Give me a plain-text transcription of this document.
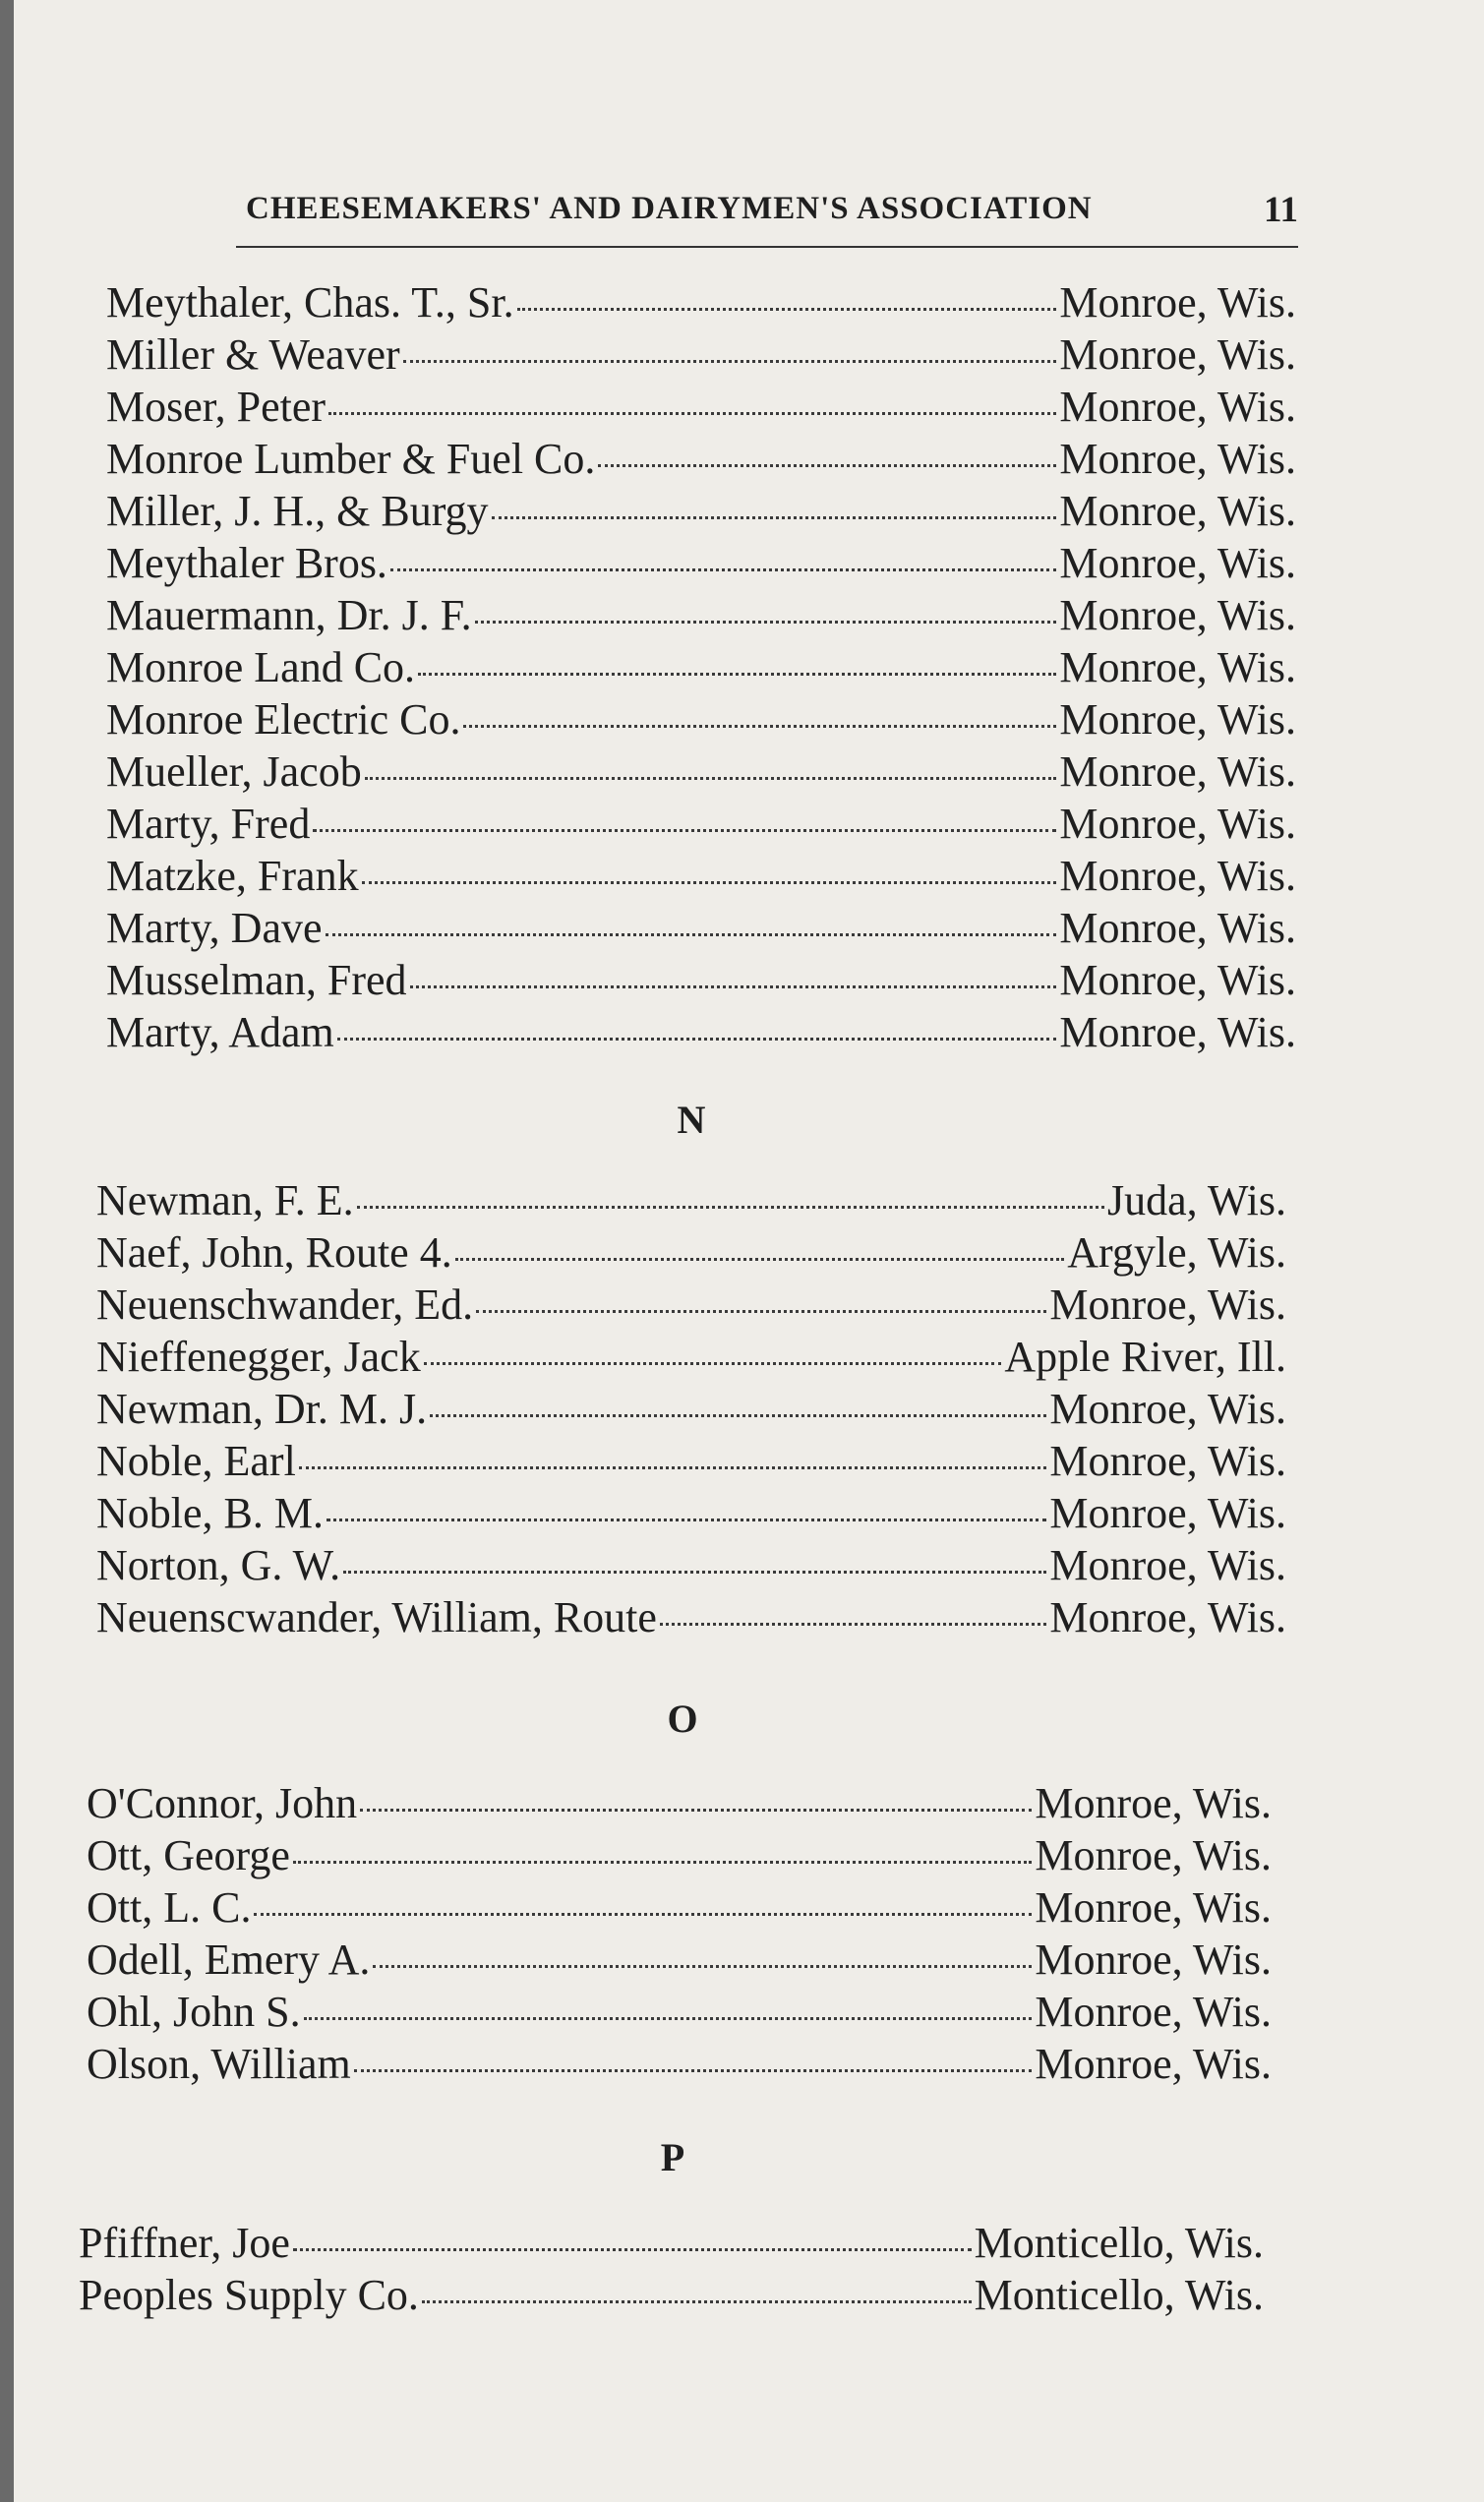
CHEESEMAKERS' AND DAIRYMEN'S ASSOCIATION	11
Meythaler, Chas. T., Sr.	Monroe, Wis.
Miller & Weaver	Monroe, Wis.
Moser, Peter	Monroe, Wis.
Monroe Lumber & Fuel Co.	Monroe, Wis.
Miller, J. H., & Burgy	Monroe, Wis.
Meythaler Bros.	Monroe, Wis.
Mauermann, Dr. J. F.	Monroe, Wis.
Monroe Land Co.	Monroe, Wis.
Monroe Electric Co.	Monroe, Wis.
Mueller, Jacob	Monroe, Wis.
Marty, Fred	Monroe, Wis.
Matzke, Frank	Monroe, Wis.
Marty, Dave	Monroe, Wis.
Musselman, Fred	Monroe, Wis.
Marty, Adam	Monroe, Wis.
N
Newman, F. E.	Juda, Wis.
Naef, John, Route 4.	Argyle, Wis.
Neuenschwander, Ed.	Monroe, Wis.
Nieffenegger, Jack	Apple River, Ill.
Newman, Dr. M. J.	Monroe, Wis.
Noble, Earl	Monroe, Wis.
Noble, B. M.	Monroe, Wis.
Norton, G. W.	Monroe, Wis.
Neuenscwander, William, Route	Monroe, Wis.
O
O'Connor, John	Monroe, Wis.
Ott, George	Monroe, Wis.
Ott, L. C.	Monroe, Wis.
Odell, Emery A.	Monroe, Wis.
Ohl, John S.	Monroe, Wis.
Olson, William	Monroe, Wis.
P
Pfiffner, Joe	Monticello, Wis.
Peoples Supply Co.	Monticello, Wis.
